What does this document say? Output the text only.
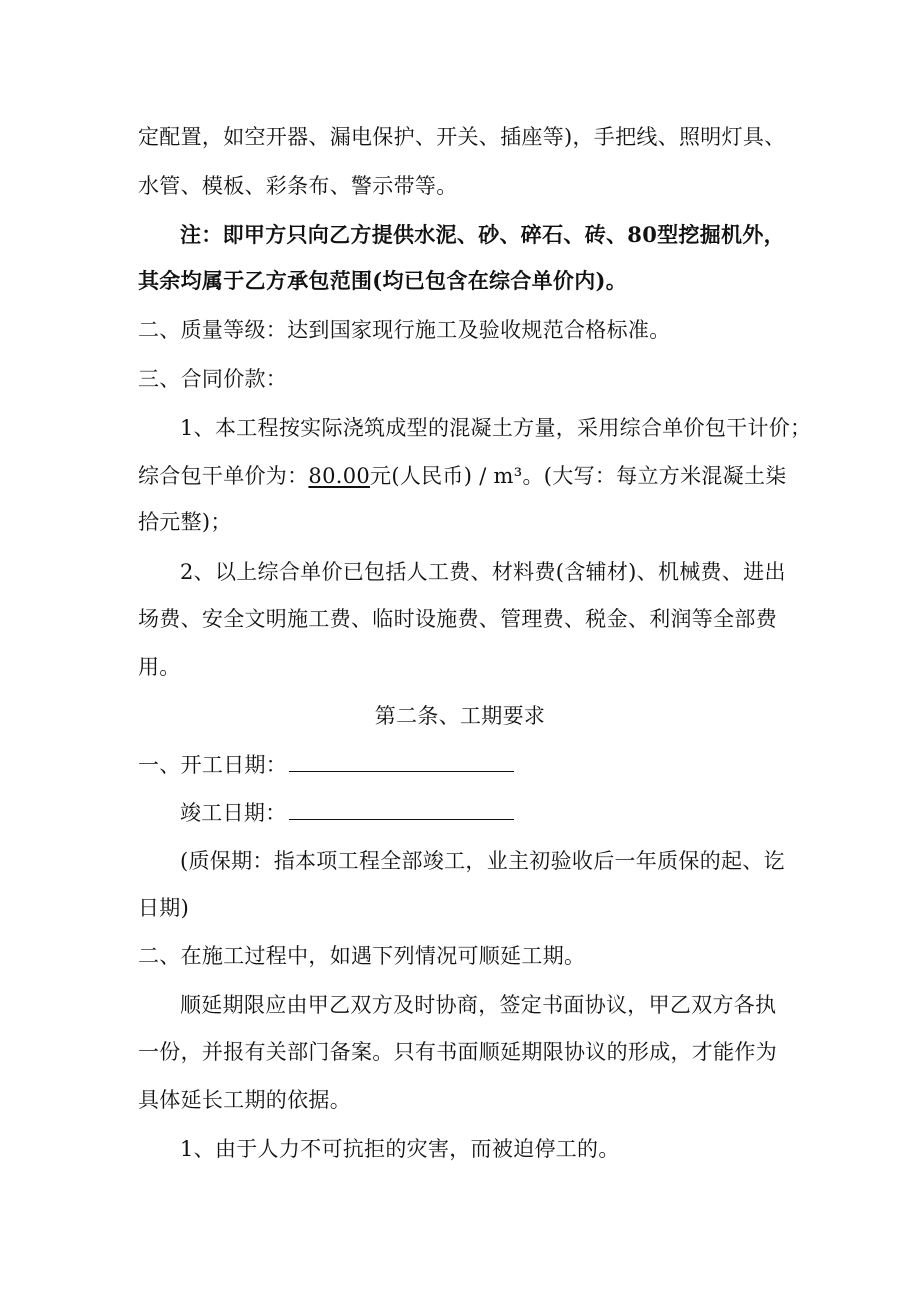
定配置，如空开器、漏电保护、开关、插座等)，手把线、照明灯具、
水管、模板、彩条布、警示带等。
注：即甲方只向乙方提供水泥、砂、碎石、砖、80型挖掘机外，
其余均属于乙方承包范围(均已包含在综合单价内)。
二、质量等级：达到国家现行施工及验收规范合格标准。
三、合同价款：
1、本工程按实际浇筑成型的混凝土方量，采用综合单价包干计价；
综合包干单价为：80.00元(人民币) / m³。(大写：每立方米混凝土柒
拾元整)；
2、以上综合单价已包括人工费、材料费(含辅材)、机械费、进出
场费、安全文明施工费、临时设施费、管理费、税金、利润等全部费
用。
第二条、工期要求
一、开工日期：
竣工日期：
(质保期：指本项工程全部竣工，业主初验收后一年质保的起、讫
日期)
二、在施工过程中，如遇下列情况可顺延工期。
顺延期限应由甲乙双方及时协商，签定书面协议，甲乙双方各执
一份，并报有关部门备案。只有书面顺延期限协议的形成，才能作为
具体延长工期的依据。
1、由于人力不可抗拒的灾害，而被迫停工的。
